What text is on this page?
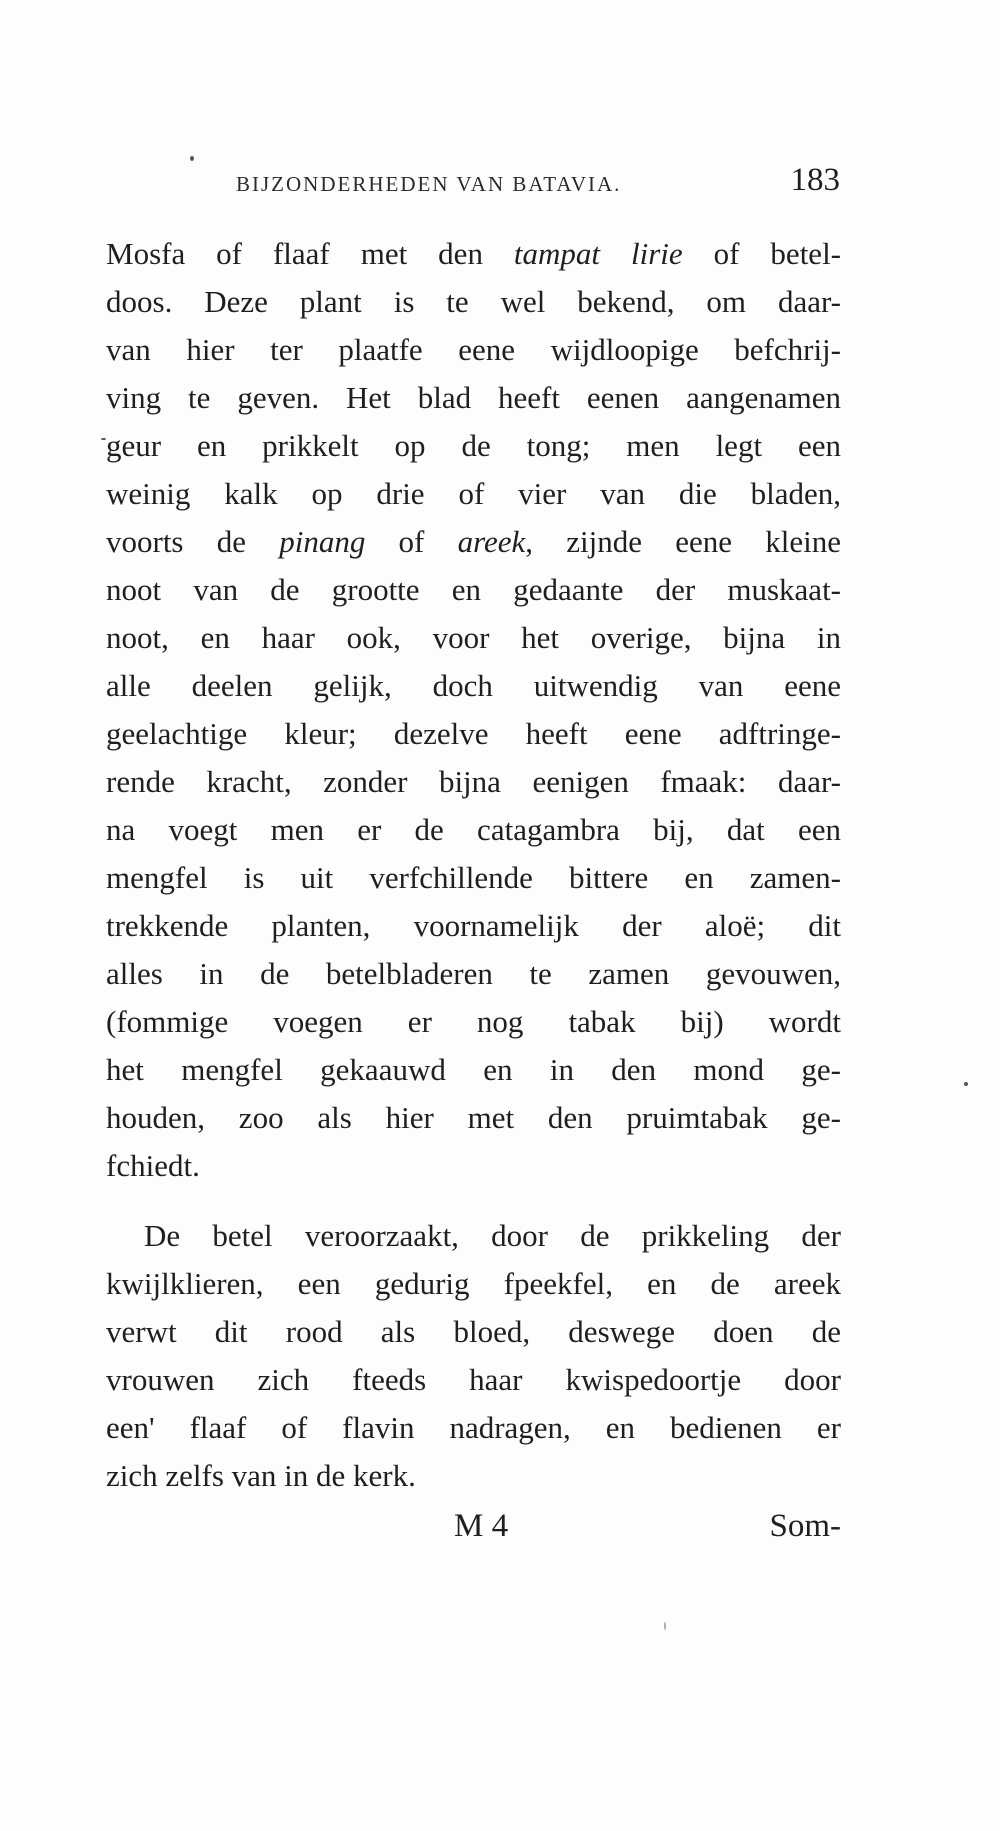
BIJZONDERHEDEN VAN BATAVIA.	183
Mosfa of flaaf met den tampat lirie of betel-
doos. Deze plant is te wel bekend, om daar-
van hier ter plaatfe eene wijdloopige befchrij-
ving te geven. Het blad heeft eenen aangenamen
geur en prikkelt op de tong; men legt een
weinig kalk op drie of vier van die bladen,
voorts de pinang of areek, zijnde eene kleine
noot van de grootte en gedaante der muskaat-
noot, en haar ook, voor het overige, bijna in
alle deelen gelijk, doch uitwendig van eene
geelachtige kleur; dezelve heeft eene adftringe-
rende kracht, zonder bijna eenigen fmaak: daar-
na voegt men er de catagambra bij, dat een
mengfel is uit verfchillende bittere en zamen-
trekkende planten, voornamelijk der aloë; dit
alles in de betelbladeren te zamen gevouwen,
(fommige voegen er nog tabak bij) wordt
het mengfel gekaauwd en in den mond ge-
houden, zoo als hier met den pruimtabak ge-
fchiedt.
De betel veroorzaakt, door de prikkeling der
kwijlklieren, een gedurig fpeekfel, en de areek
verwt dit rood als bloed, deswege doen de
vrouwen zich fteeds haar kwispedoortje door
een' flaaf of flavin nadragen, en bedienen er
zich zelfs van in de kerk.
M 4	Som-
